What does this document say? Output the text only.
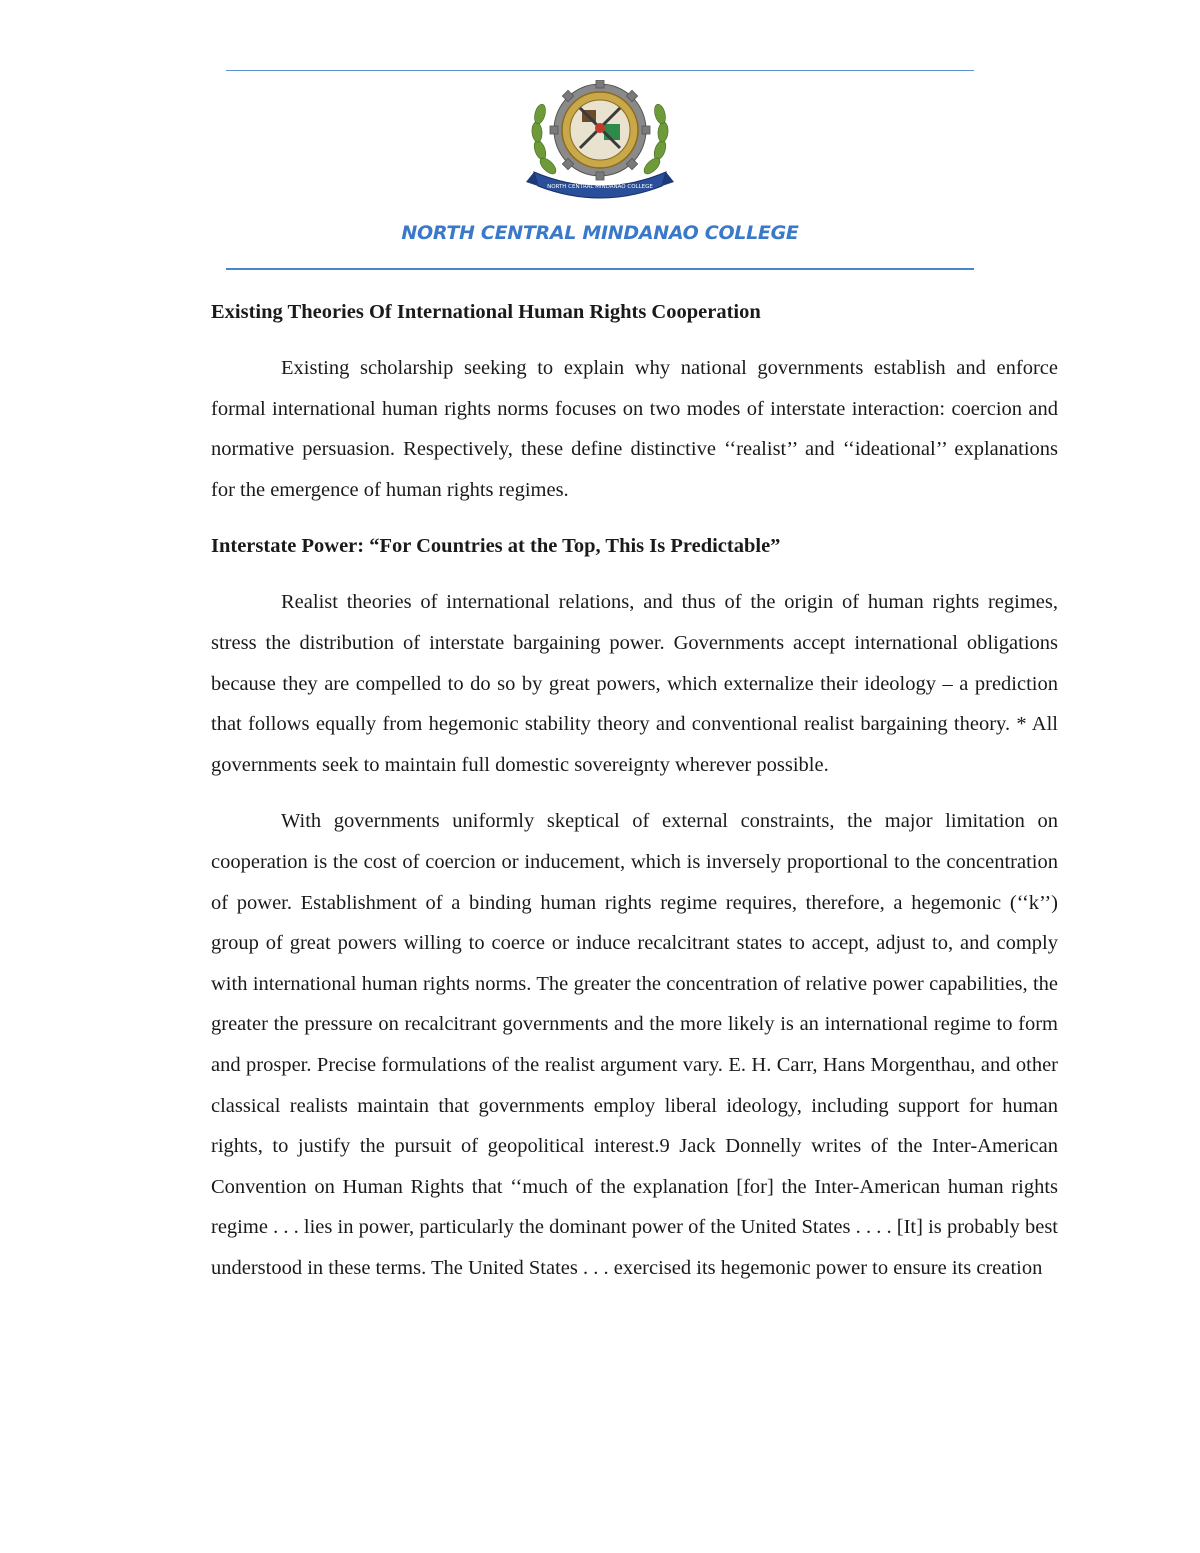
NORTH CENTRAL MINDANAO COLLEGE
NORTH CENTRAL MINDANAO COLLEGE
Existing Theories Of International Human Rights Cooperation

Existing scholarship seeking to explain why national governments establish and enforce formal international human rights norms focuses on two modes of interstate interaction: coercion and normative persuasion. Respectively, these define distinctive ‘‘realist’’ and ‘‘ideational’’ explanations for the emergence of human rights regimes.

Interstate Power: “For Countries at the Top, This Is Predictable”

Realist theories of international relations, and thus of the origin of human rights regimes, stress the distribution of interstate bargaining power. Governments accept international obligations because they are compelled to do so by great powers, which externalize their ideology – a prediction that follows equally from hegemonic stability theory and conventional realist bargaining theory. * All governments seek to maintain full domestic sovereignty wherever possible.

With governments uniformly skeptical of external constraints, the major limitation on cooperation is the cost of coercion or inducement, which is inversely proportional to the concentration of power. Establishment of a binding human rights regime requires, therefore, a hegemonic (‘‘k’’) group of great powers willing to coerce or induce recalcitrant states to accept, adjust to, and comply with international human rights norms. The greater the concentration of relative power capabilities, the greater the pressure on recalcitrant governments and the more likely is an international regime to form and prosper. Precise formulations of the realist argument vary. E. H. Carr, Hans Morgenthau, and other classical realists maintain that governments employ liberal ideology, including support for human rights, to justify the pursuit of geopolitical interest.9 Jack Donnelly writes of the Inter-American Convention on Human Rights that ‘‘much of the explanation [for] the Inter-American human rights regime . . . lies in power, particularly the dominant power of the United States . . . . [It] is probably best understood in these terms. The United States . . . exercised its hegemonic power to ensure its creation
